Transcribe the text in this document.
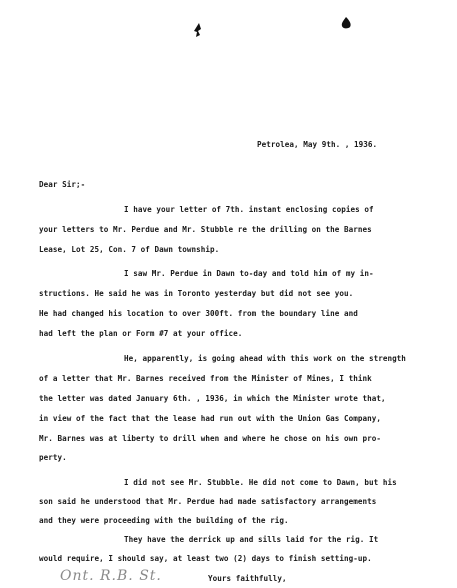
Petrolea, May 9th. , 1936.
Dear Sir;-
I have your letter of 7th. instant enclosing copies of
your letters to Mr. Perdue and Mr. Stubble re the drilling on the Barnes
Lease, Lot 25, Con. 7 of Dawn township.
I saw Mr. Perdue in Dawn to-day and told him of my in-
structions. He said he was in Toronto yesterday but did not see you.
He had changed his location to over 300ft. from the boundary line and
had left the plan or Form #7 at your office.
He, apparently, is going ahead with this work on the strength
of a letter that Mr. Barnes received from the Minister of Mines, I think
the letter was dated January 6th. , 1936, in which the Minister wrote that,
in view of the fact that the lease had run out with the Union Gas Company,
Mr. Barnes was at liberty to drill when and where he chose on his own pro-
perty.
I did not see Mr. Stubble. He did not come to Dawn, but his
son said he understood that Mr. Perdue had made satisfactory arrangements
and they were proceeding with the building of the rig.
They have the derrick up and sills laid for the rig. It
would require, I should say, at least two (2) days to finish setting-up.
Yours faithfully,
Ont. R.B. St.
